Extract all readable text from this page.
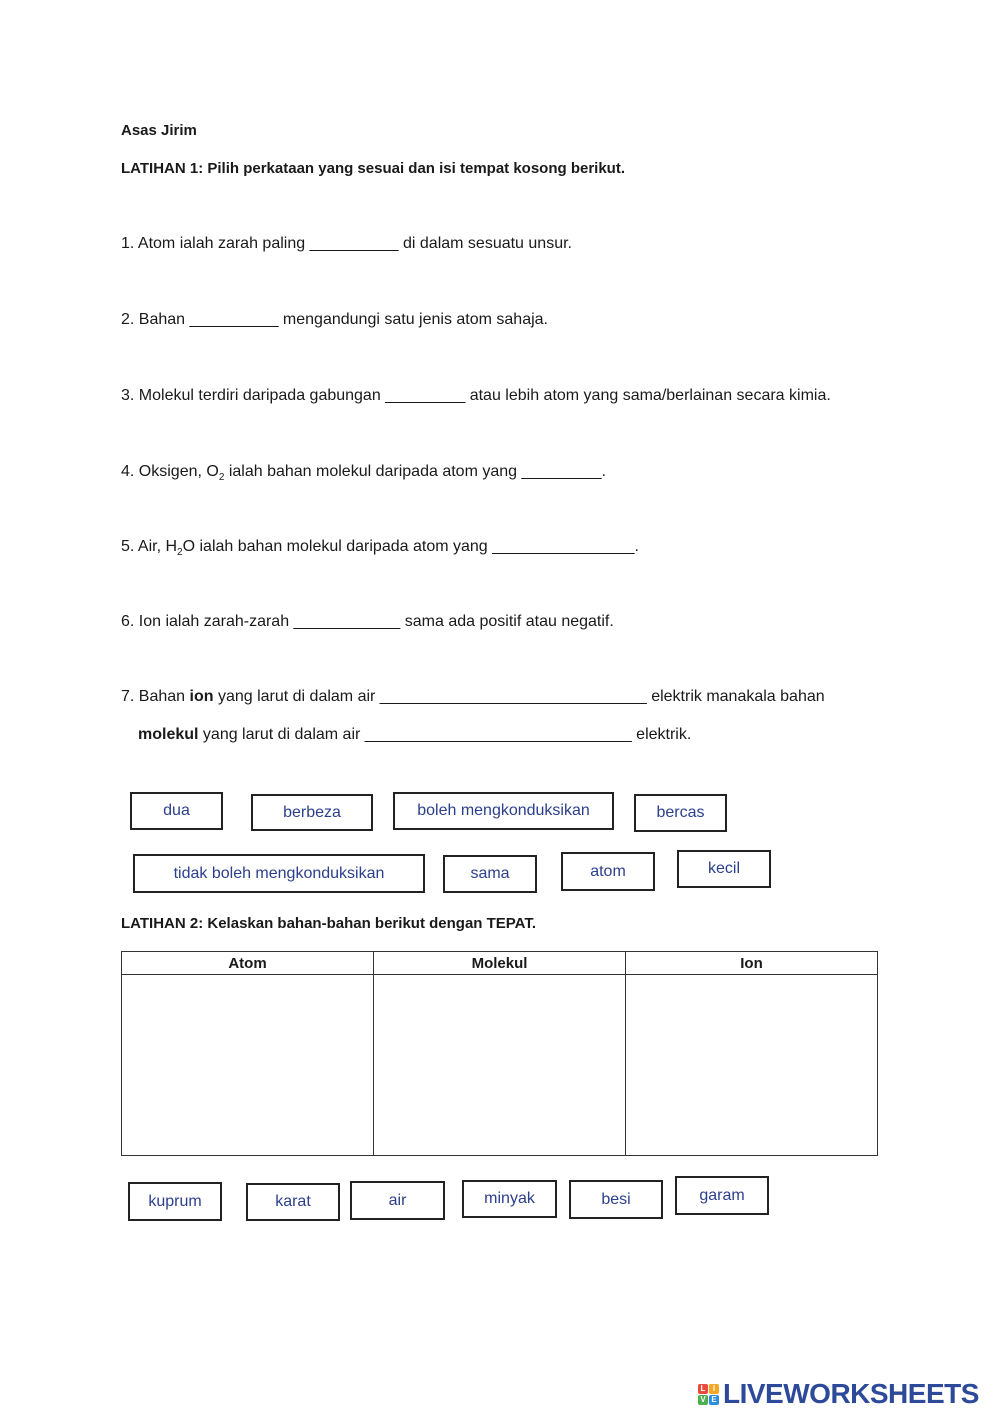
Asas Jirim
LATIHAN 1: Pilih perkataan yang sesuai dan isi tempat kosong berikut.
1. Atom ialah zarah paling __________ di dalam sesuatu unsur.
2. Bahan __________ mengandungi satu jenis atom sahaja.
3. Molekul terdiri daripada gabungan _________ atau lebih atom yang sama/berlainan secara kimia.
4. Oksigen, $O_2$ ialah bahan molekul daripada atom yang _________.
5. Air, $H_2O$ ialah bahan molekul daripada atom yang ________________.
6. Ion ialah zarah-zarah ____________ sama ada positif atau negatif.
7. Bahan ion yang larut di dalam air ______________________________ elektrik manakala bahan
molekul yang larut di dalam air ______________________________ elektrik.
dua	berbeza	boleh mengkonduksikan	bercas
tidak boleh mengkonduksikan	sama	atom	kecil
LATIHAN 2: Kelaskan bahan-bahan berikut dengan TEPAT.
Atom	Molekul	Ion

kuprum	karat	air	minyak	besi	garam
L I
V E LIVEWORKSHEETS
